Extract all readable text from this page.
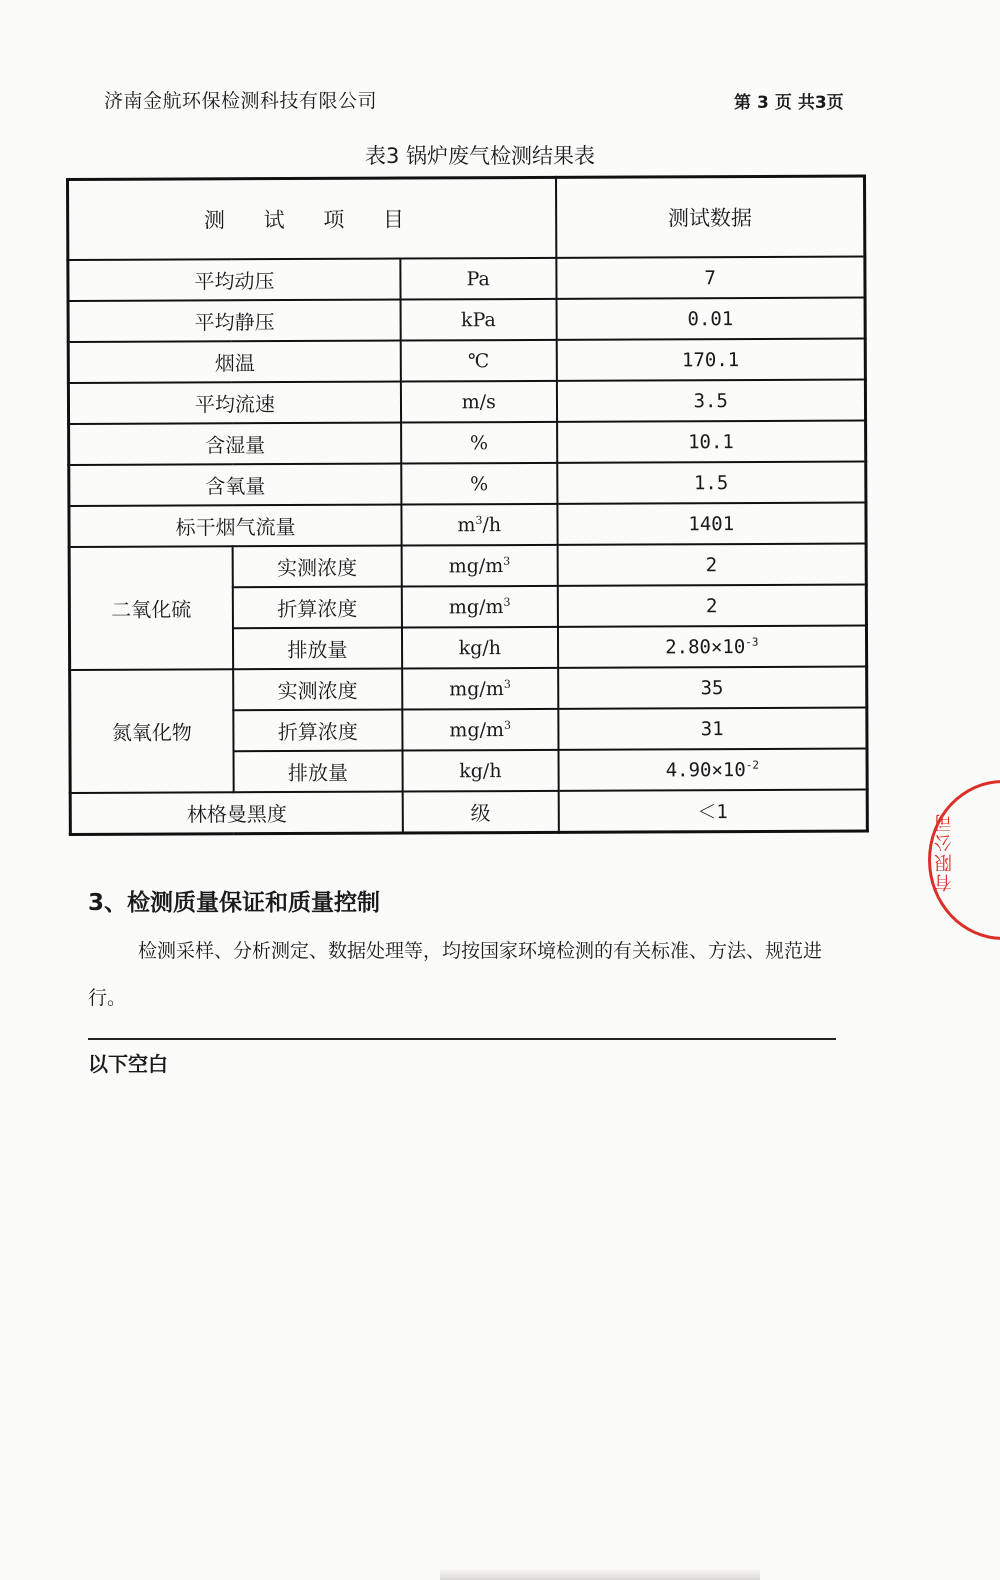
济南金航环保检测科技有限公司	第 3 页 共3页
表3 锅炉废气检测结果表
测 试 项 目			测试数据
平均动压		Pa	7
平均静压		kPa	0.01
烟温		℃	170.1
平均流速		m/s	3.5
含湿量		%	10.1
含氧量		%	1.5
标干烟气流量		$m^3/h$	1401
二氧化硫	实测浓度	$mg/m^3$	2
	折算浓度	$mg/m^3$	2
	排放量	kg/h	$2.80\times 10^{-3}$
氮氧化物	实测浓度	$mg/m^3$	35
	折算浓度	$mg/m^3$	31
	排放量	kg/h	$4.90\times 10^{-2}$
林格曼黑度		级	＜1
3、检测质量保证和质量控制
检测采样、分析测定、数据处理等，均按国家环境检测的有关标准、方法、规范进行。
以下空白
有限公司
